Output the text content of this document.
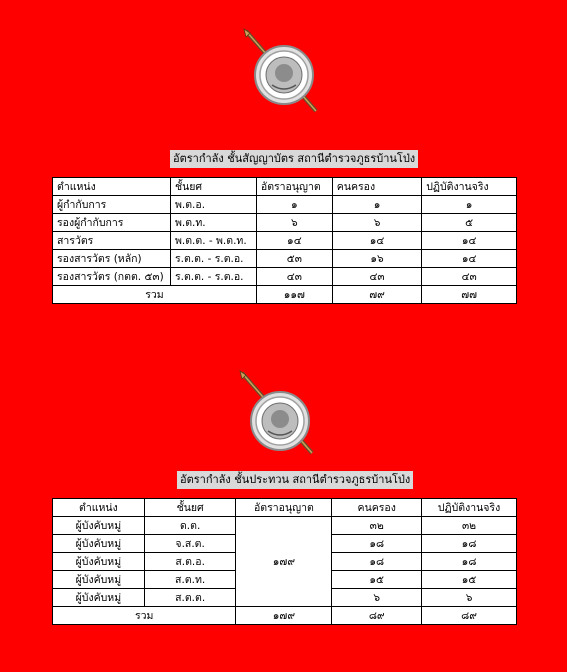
อัตรากำลัง ชั้นสัญญาบัตร สถานีตำรวจภูธรบ้านโป่ง
ตำแหน่ง	ชั้นยศ	อัตราอนุญาต	คนครอง	ปฏิบัติงานจริง
ผู้กำกับการ	พ.ต.อ.	๑	๑	๑
รองผู้กำกับการ	พ.ต.ท.	๖	๖	๕
สารวัตร	พ.ต.ต. - พ.ต.ท.	๑๔	๑๔	๑๔
รองสารวัตร (หลัก)	ร.ต.ต. - ร.ต.อ.	๕๓	๑๖	๑๔
รองสารวัตร (กตต. ๕๓)	ร.ต.ต. - ร.ต.อ.	๔๓	๔๓	๔๓
รวม		๑๑๗	๗๙	๗๗
อัตรากำลัง ชั้นประทวน สถานีตำรวจภูธรบ้านโป่ง
ตำแหน่ง	ชั้นยศ	อัตราอนุญาต	คนครอง	ปฏิบัติงานจริง
ผู้บังคับหมู่	ด.ต.	๑๗๙	๓๒	๓๒
ผู้บังคับหมู่	จ.ส.ต.		๑๘	๑๘
ผู้บังคับหมู่	ส.ต.อ.		๑๘	๑๘
ผู้บังคับหมู่	ส.ต.ท.		๑๕	๑๕
ผู้บังคับหมู่	ส.ต.ต.		๖	๖
รวม		๑๗๙	๘๙	๘๙
